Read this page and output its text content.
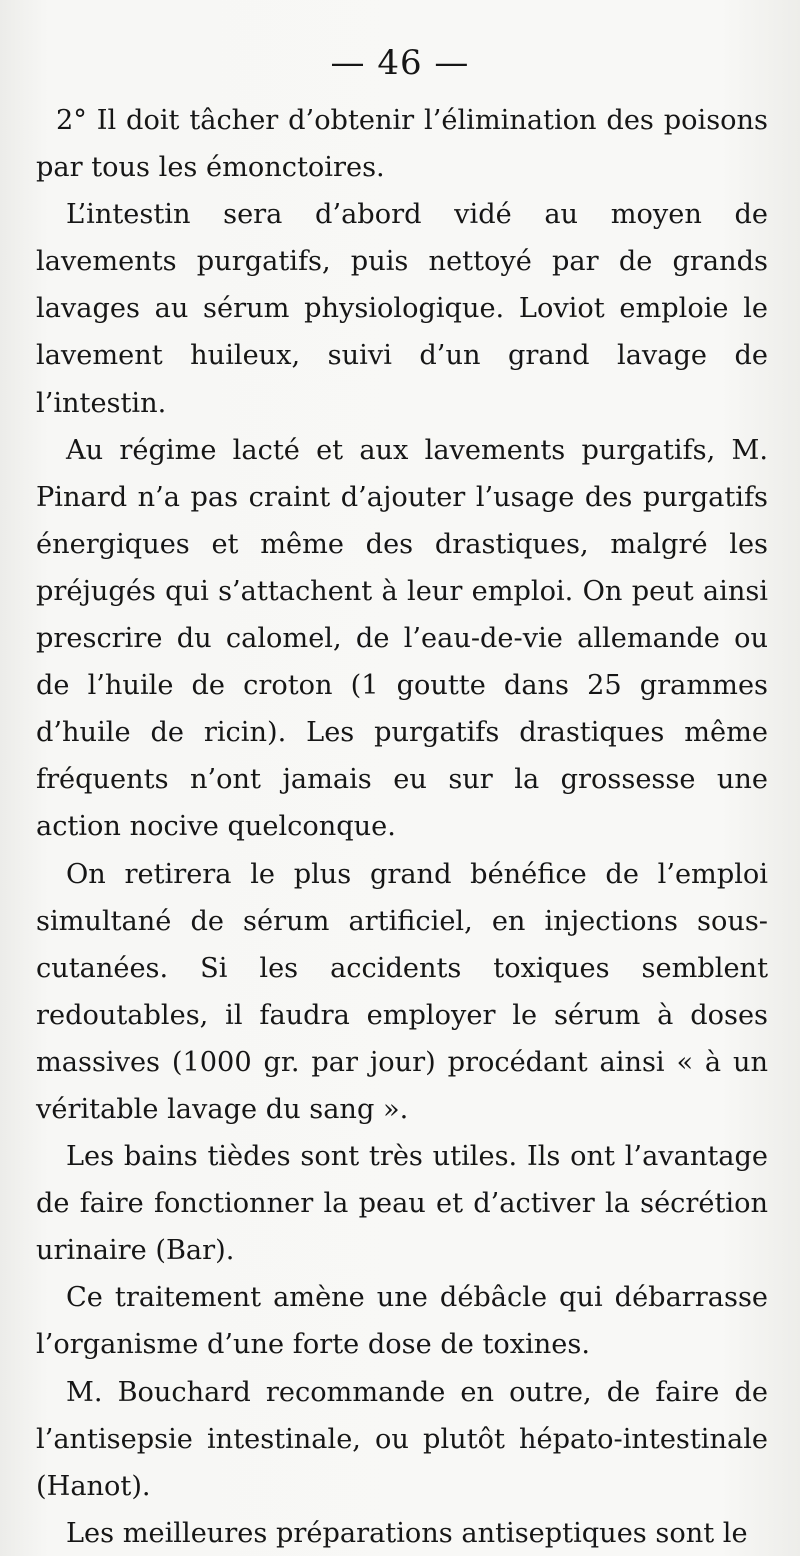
— 46 —

2° Il doit tâcher d’obtenir l’élimination des poisons par tous les émonctoires.

L’intestin sera d’abord vidé au moyen de lavements purgatifs, puis nettoyé par de grands lavages au sérum physiologique. Loviot emploie le lavement huileux, suivi d’un grand lavage de l’intestin.

Au régime lacté et aux lavements purgatifs, M. Pinard n’a pas craint d’ajouter l’usage des purgatifs énergiques et même des drastiques, malgré les préjugés qui s’attachent à leur emploi. On peut ainsi prescrire du calomel, de l’eau-de-vie allemande ou de l’huile de croton (1 goutte dans 25 grammes d’huile de ricin). Les purgatifs drastiques même fréquents n’ont jamais eu sur la grossesse une action nocive quelconque.

On retirera le plus grand bénéfice de l’emploi simultané de sérum artificiel, en injections sous-cutanées. Si les accidents toxiques semblent redoutables, il faudra employer le sérum à doses massives (1000 gr. par jour) procédant ainsi « à un véritable lavage du sang ».

Les bains tièdes sont très utiles. Ils ont l’avantage de faire fonctionner la peau et d’activer la sécrétion urinaire (Bar).

Ce traitement amène une débâcle qui débarrasse l’organisme d’une forte dose de toxines.

M. Bouchard recommande en outre, de faire de l’antisepsie intestinale, ou plutôt hépato-intestinale (Hanot).

Les meilleures préparations antiseptiques sont le
